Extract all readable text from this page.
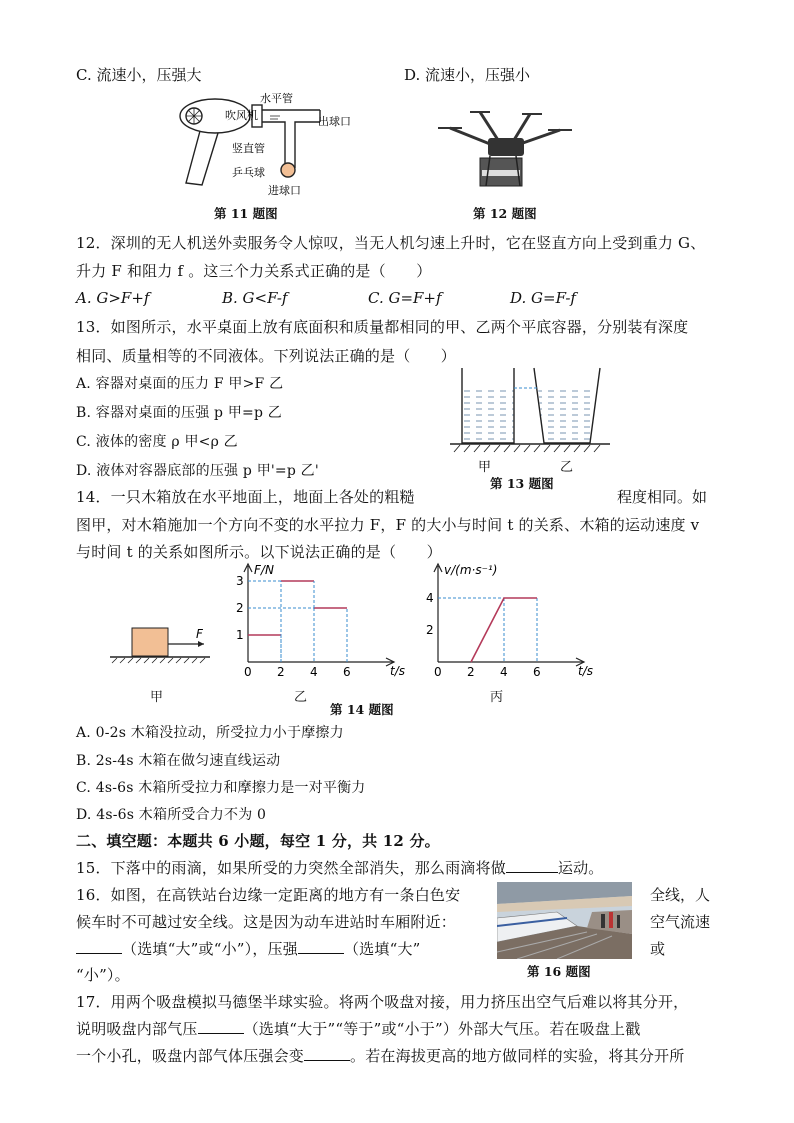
C. 流速小，压强大	D. 流速小，压强小
吹风机
水平管
出球口
竖直管
乒乓球
进球口
第 11 题图	第 12 题图
12．深圳的无人机送外卖服务令人惊叹，当无人机匀速上升时，它在竖直方向上受到重力 G、
升力 F 和阻力 f 。这三个力关系式正确的是（　　）
A. G>F+f	B. G<F-f	C. G=F+f	D. G=F-f
13．如图所示，水平桌面上放有底面积和质量都相同的甲、乙两个平底容器，分别装有深度
相同、质量相等的不同液体。下列说法正确的是（　　）
A. 容器对桌面的压力 F 甲>F 乙
B. 容器对桌面的压强 p 甲=p 乙
C. 液体的密度 ρ 甲<ρ 乙
D. 液体对容器底部的压强 p 甲'=p 乙'	甲	乙
第 13 题图
14．一只木箱放在水平地面上，地面上各处的粗糙	程度相同。如
图甲，对木箱施加一个方向不变的水平拉力 F，F 的大小与时间 t 的关系、木箱的运动速度 v
与时间 t 的关系如图所示。以下说法正确的是（　　）
F
甲
0 2 4 6
1
2
3
F/N
t/s
乙
0 2 4 6
2
4
v/(m·s⁻¹)
t/s
丙
第 14 题图
A. 0-2s 木箱没拉动，所受拉力小于摩擦力
B. 2s-4s 木箱在做匀速直线运动
C. 4s-6s 木箱所受拉力和摩擦力是一对平衡力
D. 4s-6s 木箱所受合力不为 0
二、填空题：本题共 6 小题，每空 1 分，共 12 分。
15．下落中的雨滴，如果所受的力突然全部消失，那么雨滴将做	运动。
16．如图，在高铁站台边缘一定距离的地方有一条白色安	全线，人
候车时不可越过安全线。这是因为动车进站时车厢附近：	空气流速
（选填“大”或“小”），压强	（选填“大”	或
“小”）。	第 16 题图
17．用两个吸盘模拟马德堡半球实验。将两个吸盘对接，用力挤压出空气后难以将其分开，
说明吸盘内部气压	（选填“大于”“等于”或“小于”）外部大气压。若在吸盘上戳
一个小孔，吸盘内部气体压强会变	。若在海拔更高的地方做同样的实验，将其分开所
